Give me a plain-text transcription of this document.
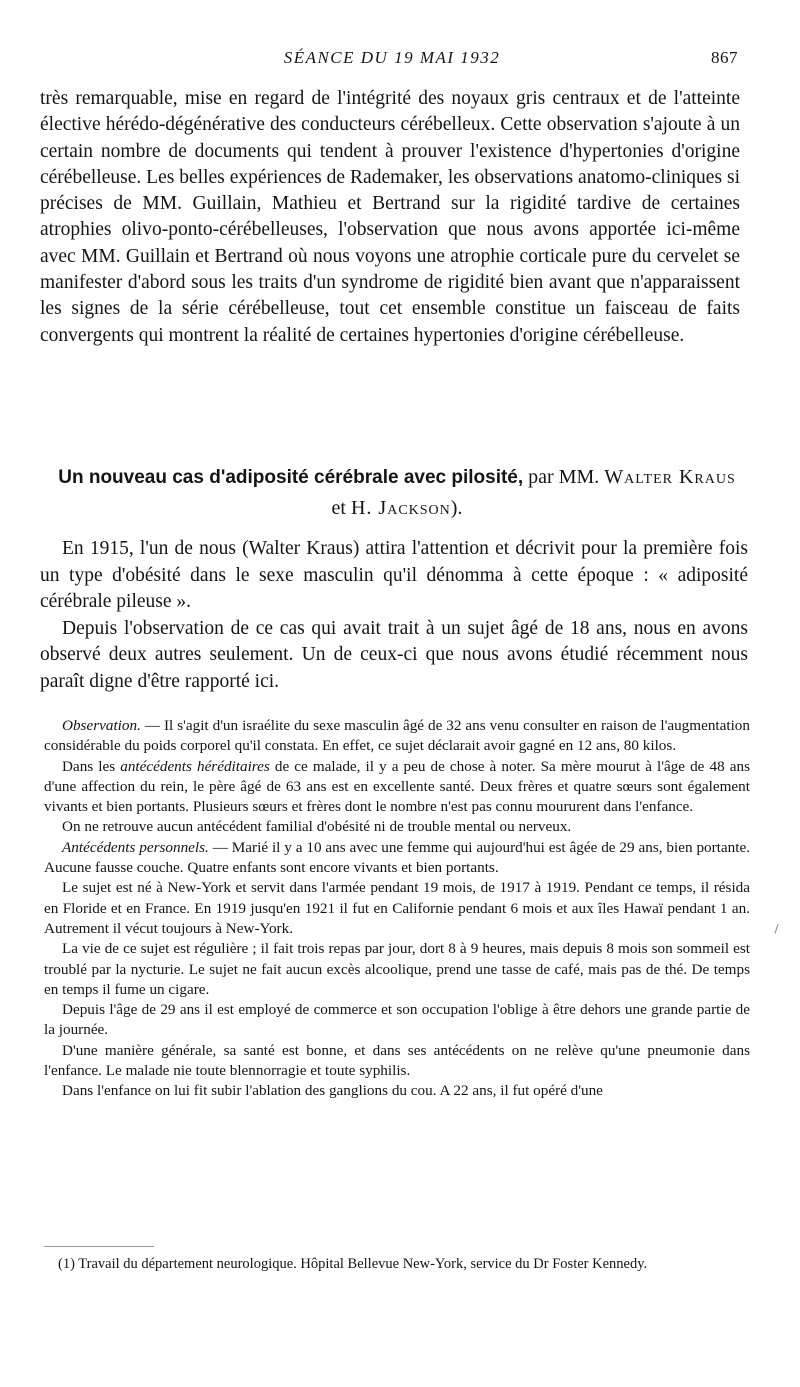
SÉANCE DU 19 MAI 1932	867

très remarquable, mise en regard de l'intégrité des noyaux gris centraux et de l'atteinte élective hérédo-dégénérative des conducteurs cérébelleux. Cette observation s'ajoute à un certain nombre de documents qui tendent à prouver l'existence d'hypertonies d'origine cérébelleuse. Les belles expériences de Rademaker, les observations anatomo-cliniques si précises de MM. Guillain, Mathieu et Bertrand sur la rigidité tardive de certaines atrophies olivo-ponto-cérébelleuses, l'observation que nous avons apportée ici-même avec MM. Guillain et Bertrand où nous voyons une atrophie corticale pure du cervelet se manifester d'abord sous les traits d'un syndrome de rigidité bien avant que n'apparaissent les signes de la série cérébelleuse, tout cet ensemble constitue un faisceau de faits convergents qui montrent la réalité de certaines hypertonies d'origine cérébelleuse.

Un nouveau cas d'adiposité cérébrale avec pilosité, par MM. Walter Kraus
et H. Jackson).

En 1915, l'un de nous (Walter Kraus) attira l'attention et décrivit pour la première fois un type d'obésité dans le sexe masculin qu'il dénomma à cette époque : « adiposité cérébrale pileuse ».

Depuis l'observation de ce cas qui avait trait à un sujet âgé de 18 ans, nous en avons observé deux autres seulement. Un de ceux-ci que nous avons étudié récemment nous paraît digne d'être rapporté ici.

Observation. — Il s'agit d'un israélite du sexe masculin âgé de 32 ans venu consulter en raison de l'augmentation considérable du poids corporel qu'il constata. En effet, ce sujet déclarait avoir gagné en 12 ans, 80 kilos.

Dans les antécédents héréditaires de ce malade, il y a peu de chose à noter. Sa mère mourut à l'âge de 48 ans d'une affection du rein, le père âgé de 63 ans est en excellente santé. Deux frères et quatre sœurs sont également vivants et bien portants. Plusieurs sœurs et frères dont le nombre n'est pas connu moururent dans l'enfance.

On ne retrouve aucun antécédent familial d'obésité ni de trouble mental ou nerveux.

Antécédents personnels. — Marié il y a 10 ans avec une femme qui aujourd'hui est âgée de 29 ans, bien portante. Aucune fausse couche. Quatre enfants sont encore vivants et bien portants.

Le sujet est né à New-York et servit dans l'armée pendant 19 mois, de 1917 à 1919. Pendant ce temps, il résida en Floride et en France. En 1919 jusqu'en 1921 il fut en Californie pendant 6 mois et aux îles Hawaï pendant 1 an. Autrement il vécut toujours à New-York.

La vie de ce sujet est régulière ; il fait trois repas par jour, dort 8 à 9 heures, mais depuis 8 mois son sommeil est troublé par la nycturie. Le sujet ne fait aucun excès alcoolique, prend une tasse de café, mais pas de thé. De temps en temps il fume un cigare.

Depuis l'âge de 29 ans il est employé de commerce et son occupation l'oblige à être dehors une grande partie de la journée.

D'une manière générale, sa santé est bonne, et dans ses antécédents on ne relève qu'une pneumonie dans l'enfance. Le malade nie toute blennorragie et toute syphilis.

Dans l'enfance on lui fit subir l'ablation des ganglions du cou. A 22 ans, il fut opéré d'une

(1) Travail du département neurologique. Hôpital Bellevue New-York, service du Dr Foster Kennedy.
